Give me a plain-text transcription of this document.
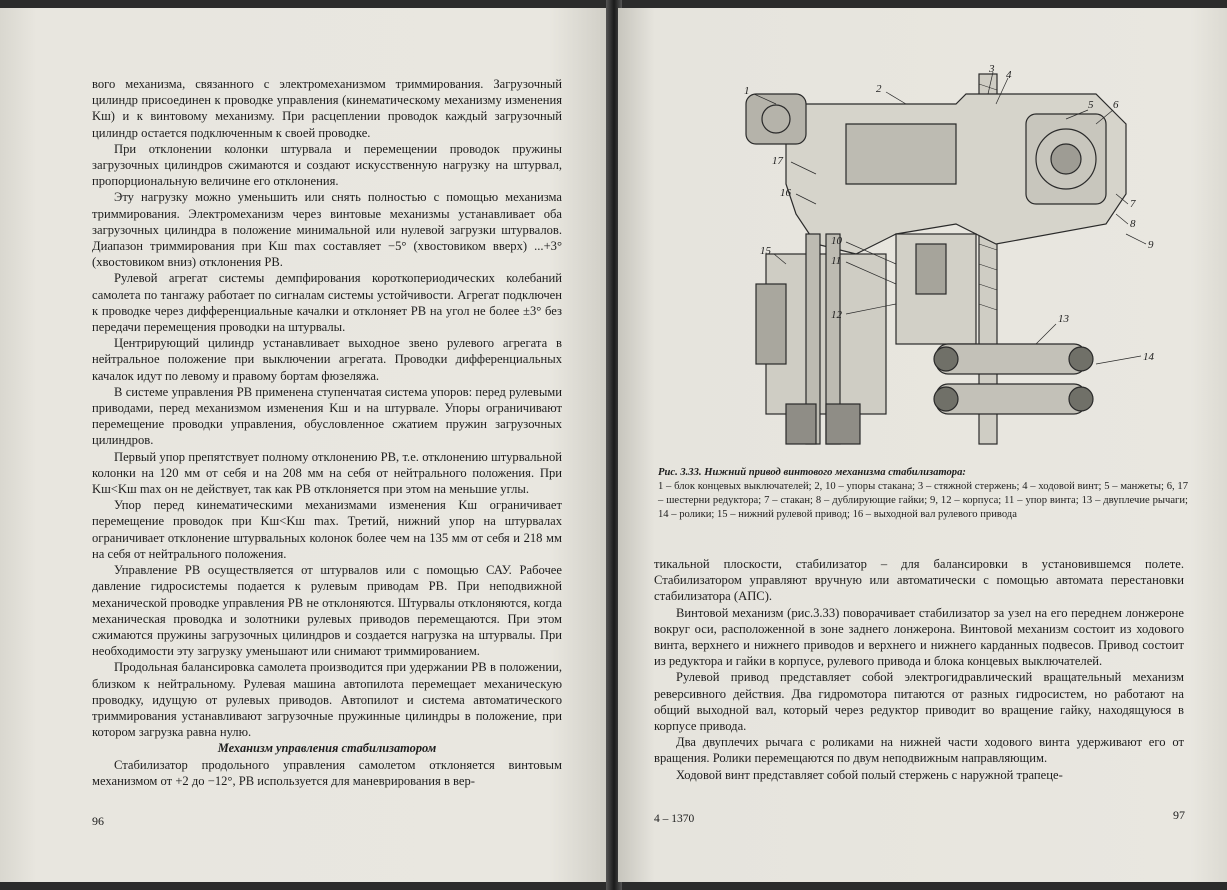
вого механизма, связанного с электромеханизмом триммирования. Загрузочный цилиндр присоединен к проводке управления (кинематическому механизму изменения Kш) и к винтовому механизму. При расцеплении проводок каждый загрузочный цилиндр остается подключенным к своей проводке.

При отклонении колонки штурвала и перемещении проводок пружины загрузочных цилиндров сжимаются и создают искусственную нагрузку на штурвал, пропорциональную величине его отклонения.

Эту нагрузку можно уменьшить или снять полностью с помощью механизма триммирования. Электромеханизм через винтовые механизмы устанавливает оба загрузочных цилиндра в положение минимальной или нулевой загрузки штурвалов. Диапазон триммирования при Kш max составляет −5° (хвостовиком вверх) ...+3° (хвостовиком вниз) отклонения РВ.

Рулевой агрегат системы демпфирования короткопериодических колебаний самолета по тангажу работает по сигналам системы устойчивости. Агрегат подключен к проводке через дифференциальные качалки и отклоняет РВ на угол не более ±3° без передачи перемещения проводки на штурвалы.

Центрирующий цилиндр устанавливает выходное звено рулевого агрегата в нейтральное положение при выключении агрегата. Проводки дифференциальных качалок идут по левому и правому бортам фюзеляжа.

В системе управления РВ применена ступенчатая система упоров: перед рулевыми приводами, перед механизмом изменения Kш и на штурвале. Упоры ограничивают перемещение проводки управления, обусловленное сжатием пружин загрузочных цилиндров.

Первый упор препятствует полному отклонению РВ, т.е. отклонению штурвальной колонки на 120 мм от себя и на 208 мм на себя от нейтрального положения. При Kш<Kш max он не действует, так как РВ отклоняется при этом на меньшие углы.

Упор перед кинематическими механизмами изменения Kш ограничивает перемещение проводок при Kш<Kш max. Третий, нижний упор на штурвалах ограничивает отклонение штурвальных колонок более чем на 135 мм от себя и 218 мм на себя от нейтрального положения.

Управление РВ осуществляется от штурвалов или с помощью САУ. Рабочее давление гидросистемы подается к рулевым приводам РВ. При неподвижной механической проводке управления РВ не отклоняются. Штурвалы отклоняются, когда механическая проводка и золотники рулевых приводов перемещаются. При этом сжимаются пружины загрузочных цилиндров и создается нагрузка на штурвалы. При необходимости эту загрузку уменьшают или снимают триммированием.

Продольная балансировка самолета производится при удержании РВ в положении, близком к нейтральному. Рулевая машина автопилота перемещает механическую проводку, идущую от рулевых приводов. Автопилот и система автоматического триммирования устанавливают загрузочные пружинные цилиндры в положение, при котором загрузка равна нулю.

Механизм управления стабилизатором

Стабилизатор продольного управления самолетом отклоняется винтовым механизмом от +2 до −12°, РВ используется для маневрирования в вер-

96
1	2
3 4
5 6
7
8
9
10
11
12	13
14
15
16
17
Рис. 3.33. Нижний привод винтового механизма стабилизатора:
1 – блок концевых выключателей; 2, 10 – упоры стакана; 3 – стяжной стержень; 4 – ходовой винт; 5 – манжеты; 6, 17 – шестерни редуктора; 7 – стакан; 8 – дублирующие гайки; 9, 12 – корпуса; 11 – упор винта; 13 – двуплечие рычаги; 14 – ролики; 15 – нижний рулевой привод; 16 – выходной вал рулевого привода

тикальной плоскости, стабилизатор – для балансировки в установившемся полете. Стабилизатором управляют вручную или автоматически с помощью автомата перестановки стабилизатора (АПС).

Винтовой механизм (рис.3.33) поворачивает стабилизатор за узел на его переднем лонжероне вокруг оси, расположенной в зоне заднего лонжерона. Винтовой механизм состоит из ходового винта, верхнего и нижнего приводов и верхнего и нижнего карданных подвесов. Привод состоит из редуктора и гайки в корпусе, рулевого привода и блока концевых выключателей.

Рулевой привод представляет собой электрогидравлический вращательный механизм реверсивного действия. Два гидромотора питаются от разных гидросистем, но работают на общий выходной вал, который через редуктор приводит во вращение гайку, находящуюся в корпусе привода.

Два двуплечих рычага с роликами на нижней части ходового винта удерживают его от вращения. Ролики перемещаются по двум неподвижным направляющим.

Ходовой винт представляет собой полый стержень с наружной трапеце-

4 – 1370	97
